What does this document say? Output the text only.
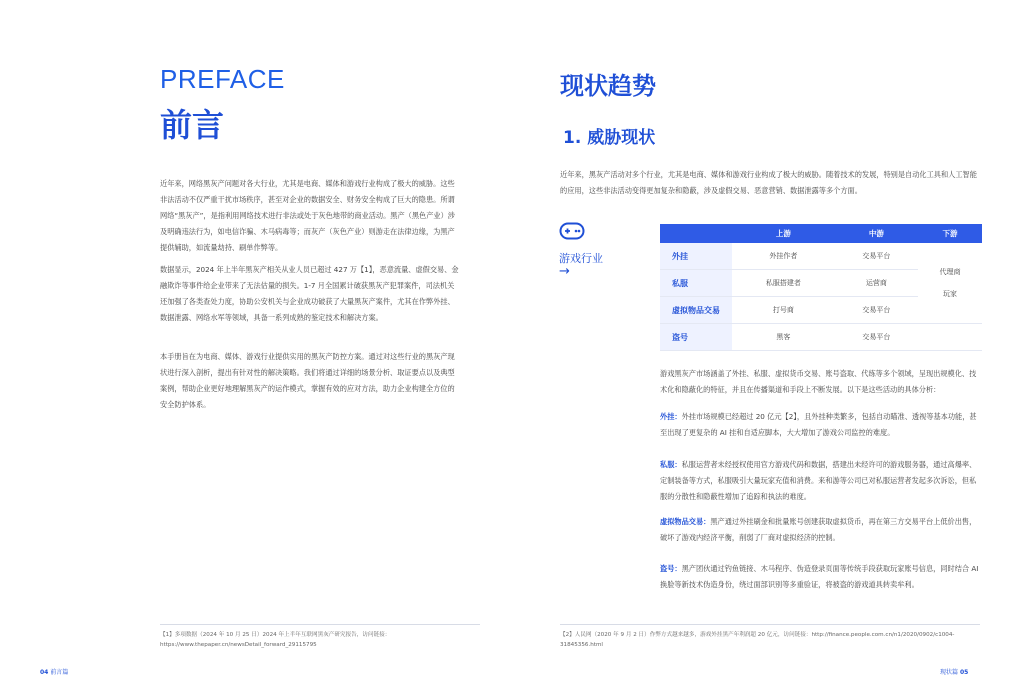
PREFACE
前言
近年来，网络黑灰产问题对各大行业，尤其是电商、媒体和游戏行业构成了极大的威胁。这些非法活动不仅严重干扰市场秩序，甚至对企业的数据安全、财务安全构成了巨大的隐患。所谓网络“黑灰产”，是指利用网络技术进行非法或处于灰色地带的商业活动。黑产（黑色产业）涉及明确违法行为，如电信诈骗、木马病毒等；而灰产（灰色产业）则游走在法律边缘，为黑产提供辅助，如流量劫持、刷单作弊等。
数据显示，2024 年上半年黑灰产相关从业人员已超过 427 万【1】，恶意流量、虚假交易、金融欺诈等事件给企业带来了无法估量的损失。1-7 月全国累计破获黑灰产犯罪案件，司法机关还加强了各类查处力度，协助公安机关与企业成功破获了大量黑灰产案件，尤其在作弊外挂、数据泄露、网络水军等领域，具备一系列成熟的鉴定技术和解决方案。
本手册旨在为电商、媒体、游戏行业提供实用的黑灰产防控方案。通过对这些行业的黑灰产现状进行深入剖析，提出有针对性的解决策略。我们将通过详细的场景分析、取证要点以及典型案例，帮助企业更好地理解黑灰产的运作模式，掌握有效的应对方法，助力企业构建全方位的安全防护体系。
【1】多项数据（2024 年 10 月 25 日）2024 年上半年互联网黑灰产研究报告，访问链接：https://www.thepaper.cn/newsDetail_forward_29115795
04 前言篇
现状趋势
1. 威胁现状
近年来，黑灰产活动对多个行业，尤其是电商、媒体和游戏行业构成了极大的威胁。随着技术的发展，特别是自动化工具和人工智能的应用，这些非法活动变得更加复杂和隐蔽，涉及虚假交易、恶意营销、数据泄露等多个方面。
游戏行业
→
	上游	中游	下游
外挂	外挂作者	交易平台	代理商
玩家

私服	私服搭建者	运营商	
虚拟物品交易	打号商	交易平台	
盗号	黑客	交易平台	
游戏黑灰产市场涵盖了外挂、私服、虚拟货币交易、账号盗取、代练等多个领域，呈现出规模化、技术化和隐蔽化的特征，并且在传播渠道和手段上不断发展。以下是这些活动的具体分析：
外挂：外挂市场规模已经超过 20 亿元【2】，且外挂种类繁多，包括自动瞄准、透视等基本功能，甚至出现了更复杂的 AI 挂和自适应脚本，大大增加了游戏公司监控的难度。
私服：私服运营者未经授权使用官方游戏代码和数据，搭建出未经许可的游戏服务器，通过高爆率、定制装备等方式，私服吸引大量玩家充值和消费。来和游等公司已对私服运营者发起多次诉讼，但私服的分散性和隐蔽性增加了追踪和执法的难度。
虚拟物品交易：黑产通过外挂刷金和批量账号创建获取虚拟货币，再在第三方交易平台上低价出售，破坏了游戏内经济平衡，削弱了厂商对虚拟经济的控制。
盗号：黑产团伙通过钓鱼链接、木马程序、伪造登录页面等传统手段获取玩家账号信息，同时结合 AI 换脸等新技术伪造身份，绕过面部识别等多重验证，将被盗的游戏道具转卖牟利。
【2】人民网（2020 年 9 月 2 日）作弊方式越来越多，游戏外挂黑产年利润超 20 亿元，访问链接：http://finance.people.com.cn/n1/2020/0902/c1004-31845356.html
现状篇 05
